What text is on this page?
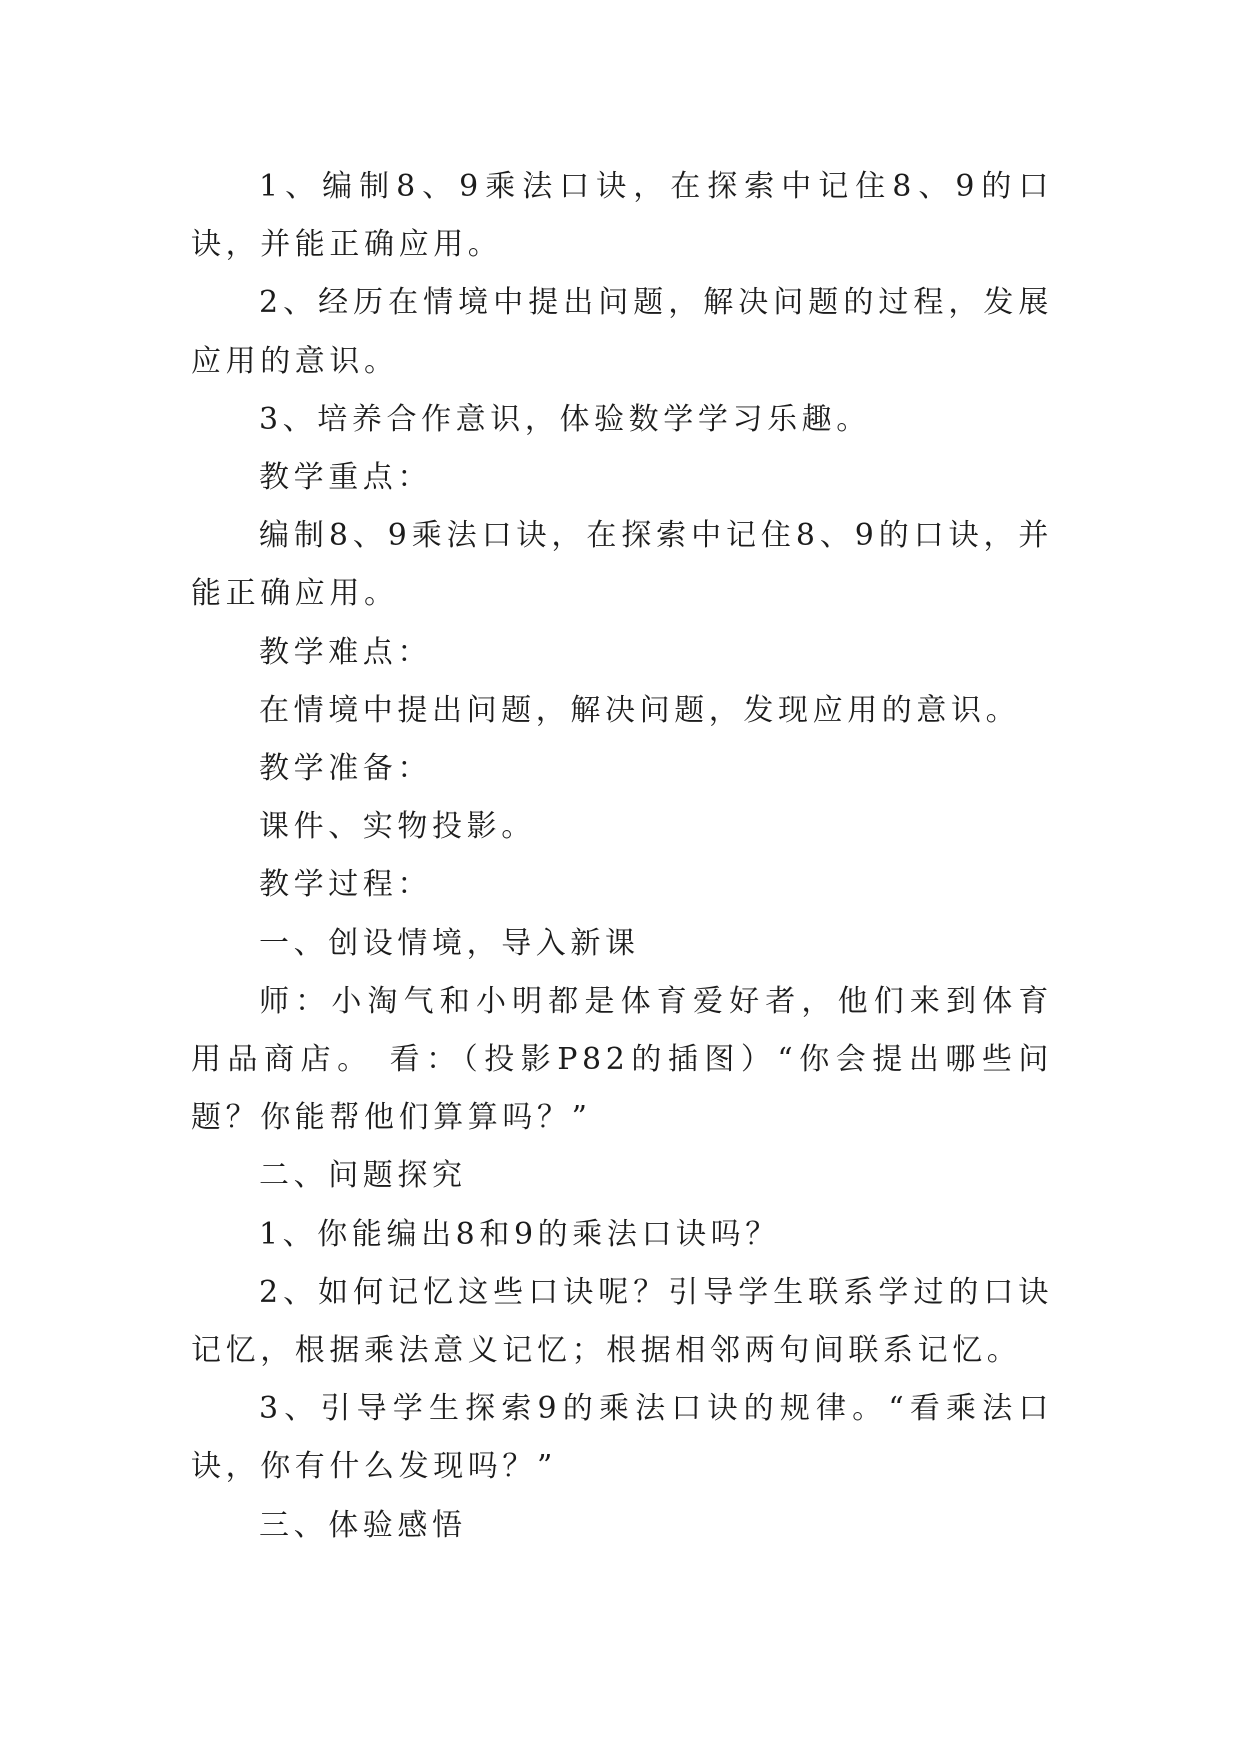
1、编制8、9乘法口诀，在探索中记住8、9的口诀，并能正确应用。

2、经历在情境中提出问题，解决问题的过程，发展应用的意识。

3、培养合作意识，体验数学学习乐趣。

教学重点：

编制8、9乘法口诀，在探索中记住8、9的口诀，并能正确应用。

教学难点：

在情境中提出问题，解决问题，发现应用的意识。

教学准备：

课件、实物投影。

教学过程：

一、创设情境，导入新课

师：小淘气和小明都是体育爱好者，他们来到体育用品商店。 看：（投影P82的插图）“你会提出哪些问题？你能帮他们算算吗？”

二、问题探究

1、你能编出8和9的乘法口诀吗？

2、如何记忆这些口诀呢？引导学生联系学过的口诀记忆，根据乘法意义记忆；根据相邻两句间联系记忆。

3、引导学生探索9的乘法口诀的规律。“看乘法口诀，你有什么发现吗？”

三、体验感悟
